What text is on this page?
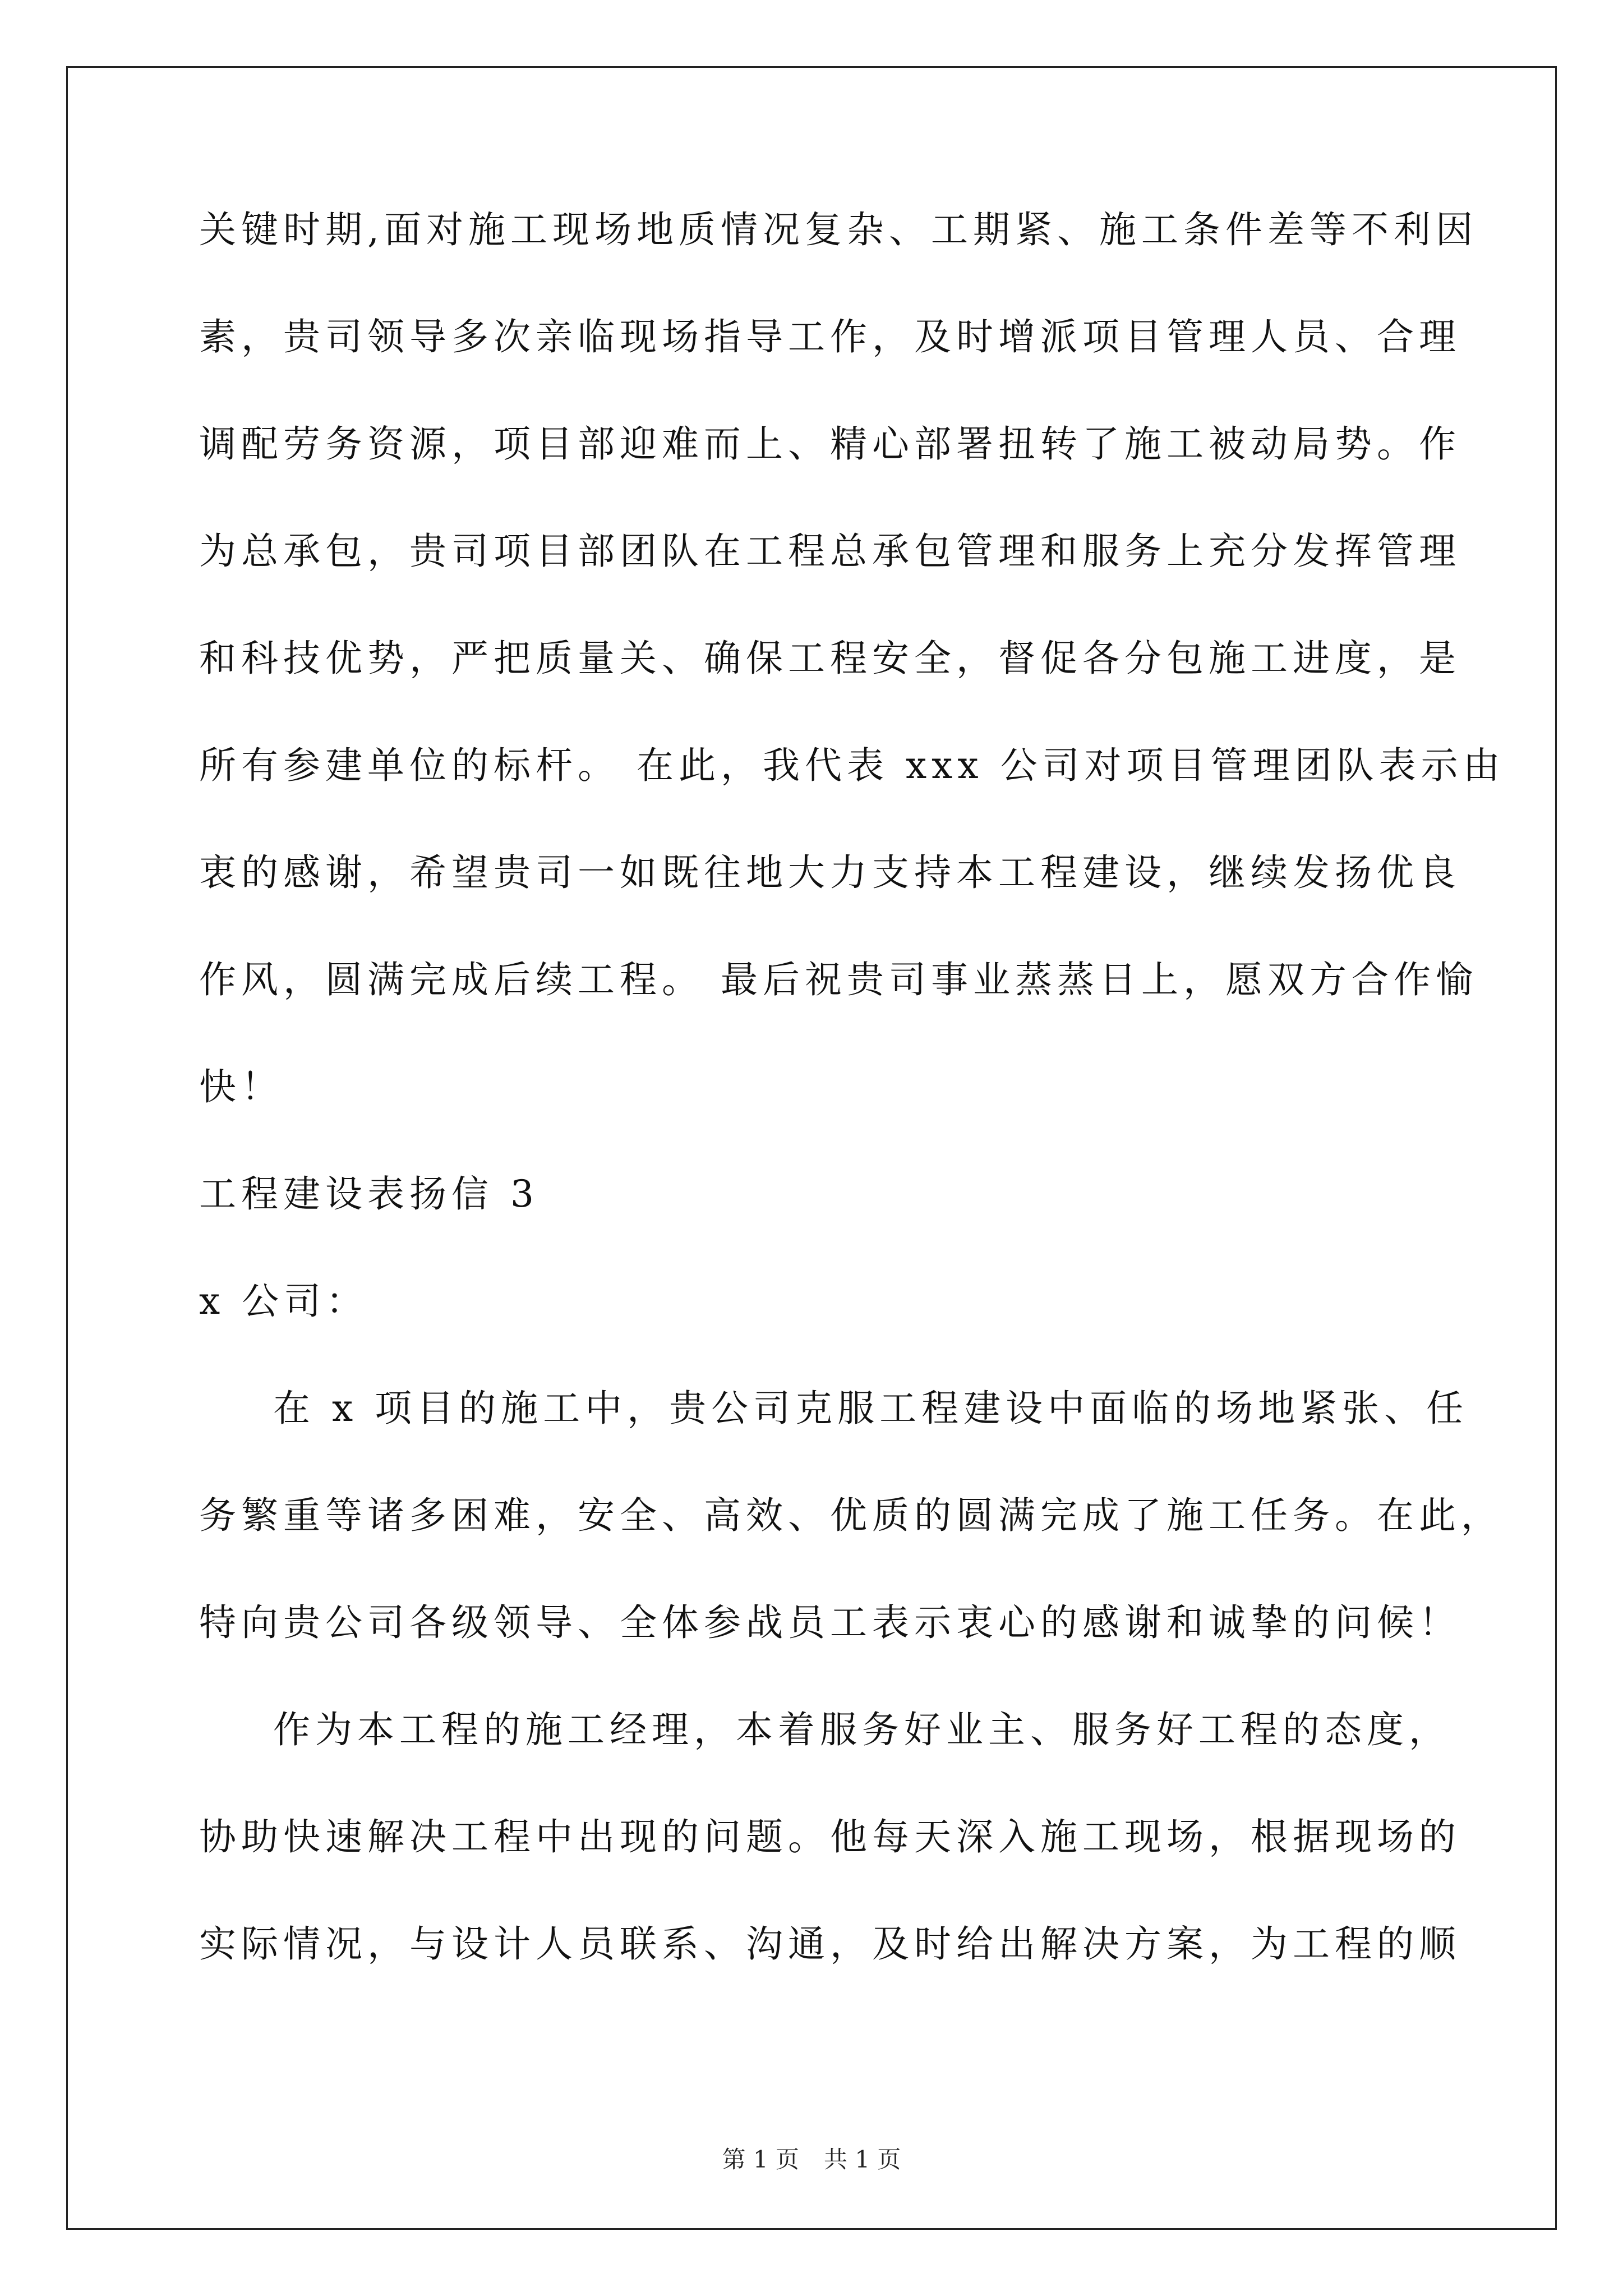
关键时期,面对施工现场地质情况复杂、工期紧、施工条件差等不利因
素，贵司领导多次亲临现场指导工作，及时增派项目管理人员、合理
调配劳务资源，项目部迎难而上、精心部署扭转了施工被动局势。作
为总承包，贵司项目部团队在工程总承包管理和服务上充分发挥管理
和科技优势，严把质量关、确保工程安全，督促各分包施工进度，是
所有参建单位的标杆。 在此，我代表 xxx 公司对项目管理团队表示由
衷的感谢，希望贵司一如既往地大力支持本工程建设，继续发扬优良
作风，圆满完成后续工程。 最后祝贵司事业蒸蒸日上，愿双方合作愉
快！
工程建设表扬信 3
x 公司：
在 x 项目的施工中，贵公司克服工程建设中面临的场地紧张、任
务繁重等诸多困难，安全、高效、优质的圆满完成了施工任务。在此，
特向贵公司各级领导、全体参战员工表示衷心的感谢和诚挚的问候！
作为本工程的施工经理，本着服务好业主、服务好工程的态度，
协助快速解决工程中出现的问题。他每天深入施工现场，根据现场的
实际情况，与设计人员联系、沟通，及时给出解决方案，为工程的顺
第 1 页 共 1 页
